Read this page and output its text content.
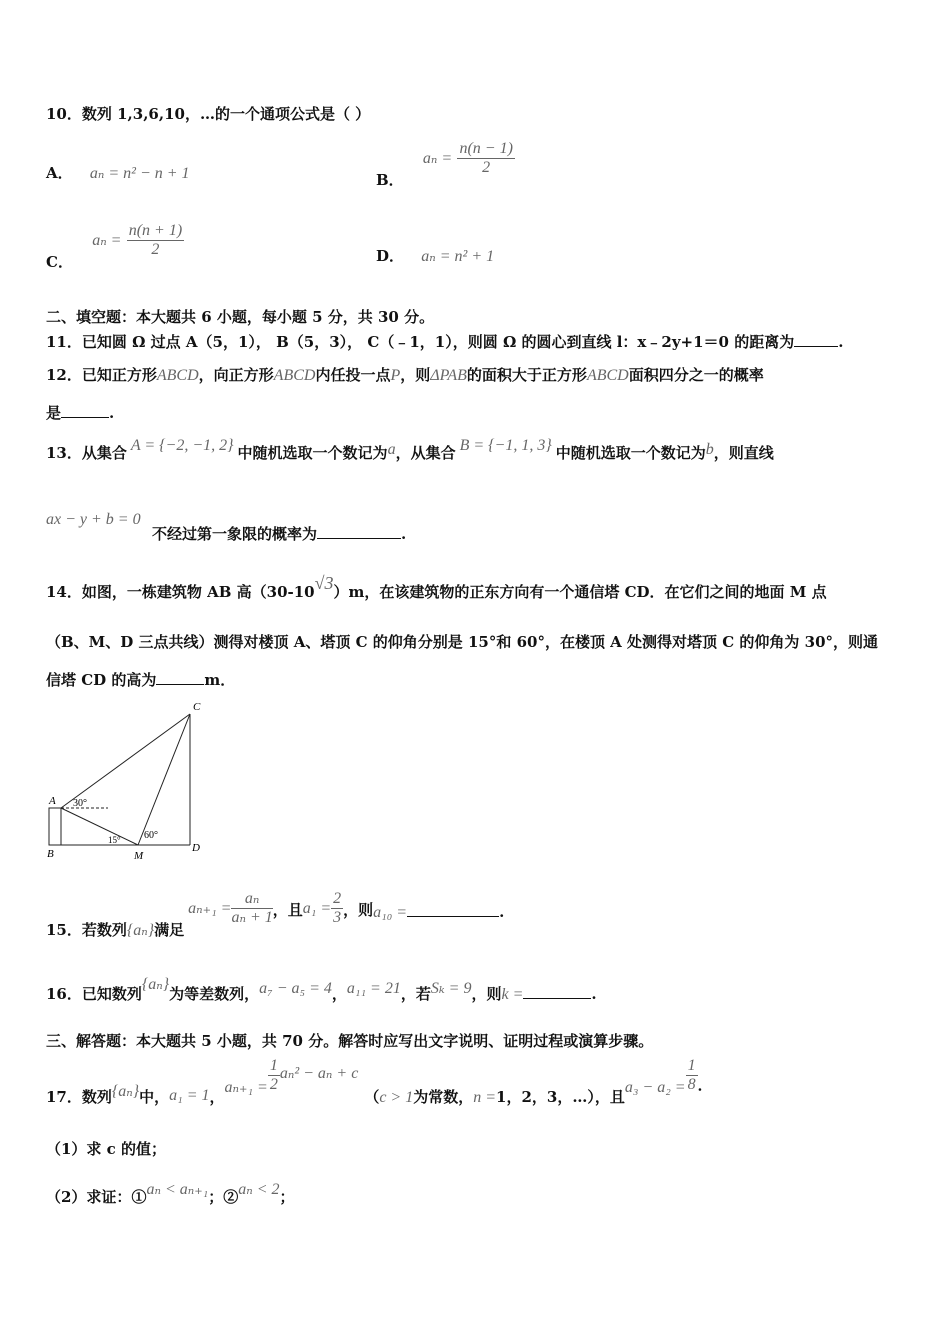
10．数列 1,3,6,10，…的一个通项公式是（ ）
A． aₙ = n² − n + 1	B． $a_n = \frac{n(n - 1)}{2}$
C． $a_n = \frac{n(n + 1)}{2}$	D． aₙ = n² + 1
二、填空题：本大题共 6 小题，每小题 5 分，共 30 分。
11．已知圆 Ω 过点 A（5，1）， B（5，3）， C（﹣1，1），则圆 Ω 的圆心到直线 l：x﹣2y+1＝0 的距离为	.
12．已知正方形ABCD，向正方形ABCD内任投一点P，则ΔPAB的面积大于正方形ABCD面积四分之一的概率
是	.
13．从集合 A = {−2, −1, 2} 中随机选取一个数记为a，从集合 B = {−1, 1, 3} 中随机选取一个数记为b，则直线
ax − y + b = 0
不经过第一象限的概率为	.
14．如图，一栋建筑物 AB 高（30-10√3）m，在该建筑物的正东方向有一个通信塔 CD．在它们之间的地面 M 点
（B、M、D 三点共线）测得对楼顶 A、塔顶 C 的仰角分别是 15°和 60°，在楼顶 A 处测得对塔顶 C 的仰角为 30°，则通
信塔 CD 的高为	m．
A
B
C
D
M
30°
15° 60°
15．若数列{aₙ}满足$a_{n+1} = \frac{\text{aₙ}}{\text{aₙ + 1}}$ ，且$a_1 = \frac{2}{3}$ ，则a₁₀ =	.
16．已知数列{aₙ}为等差数列，a₇ − a₅ = 4，a₁₁ = 21，若Sₖ = 9，则k =	.
三、解答题：本大题共 5 小题，共 70 分。解答时应写出文字说明、证明过程或演算步骤。
17．数列{aₙ}中，a₁ = 1，$a_{n+1} = \frac{1}{2} a_n^2 - a_n + c(c > 1$为常数，n =1，2，3，…），且$a_3 - a_2 = \frac{1}{8}$ ．
（1）求 c 的值；
（2）求证：①aₙ < aₙ₊₁；②aₙ < 2；
